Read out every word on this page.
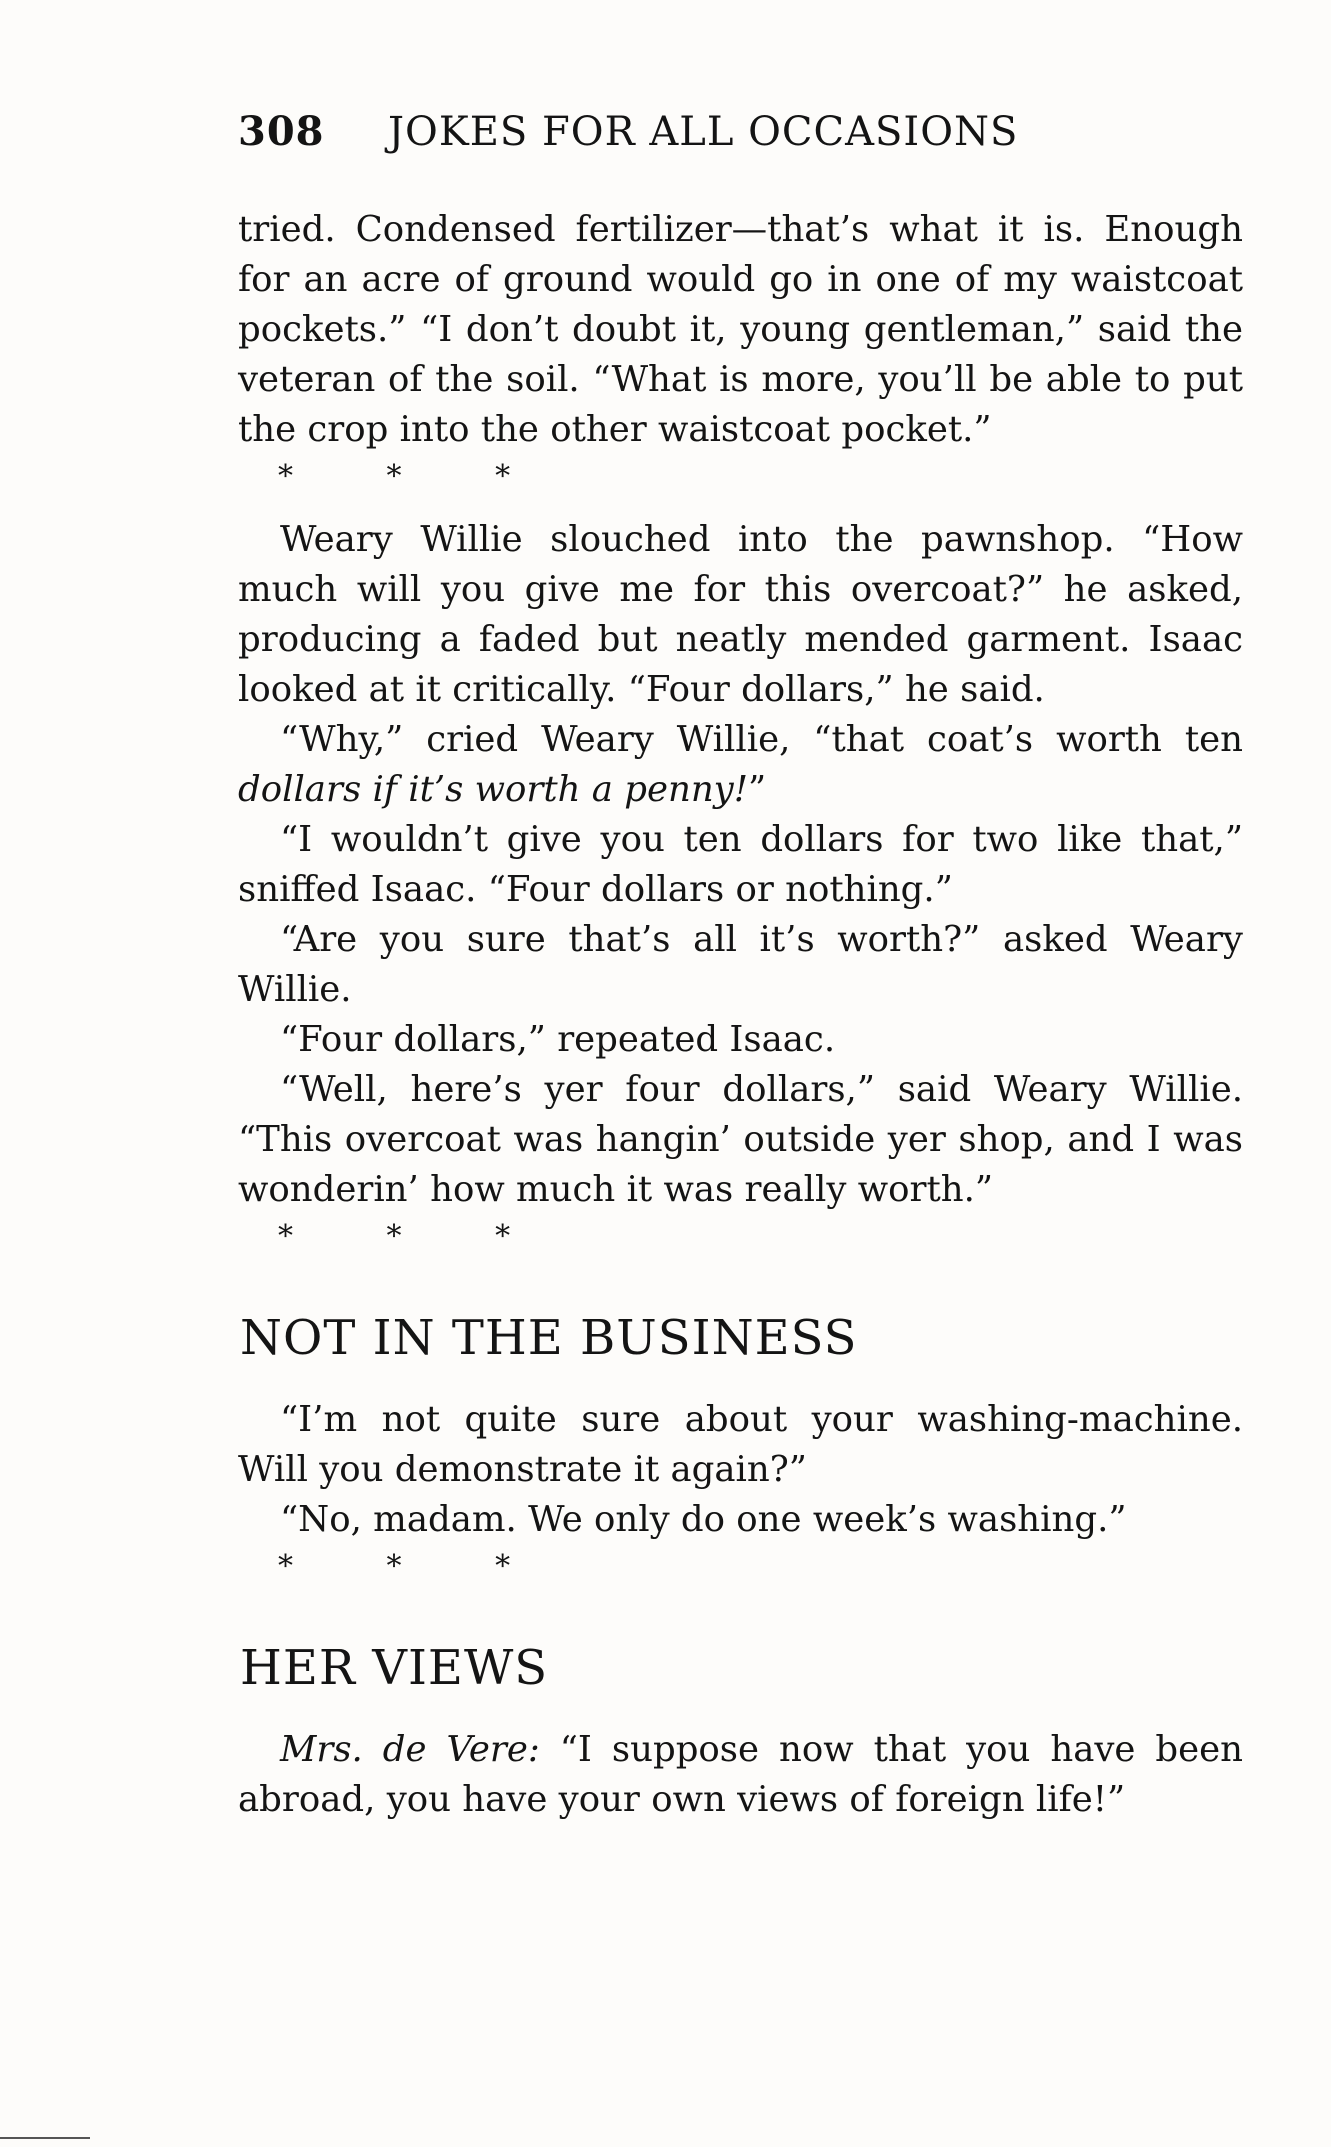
308 JOKES FOR ALL OCCASIONS

tried. Condensed fertilizer—that’s what it is. Enough for an acre of ground would go in one of my waistcoat pockets.” “I don’t doubt it, young gentleman,” said the veteran of the soil. “What is more, you’ll be able to put the crop into the other waistcoat pocket.”

* * *

Weary Willie slouched into the pawnshop. “How much will you give me for this overcoat?” he asked, producing a faded but neatly mended garment. Isaac looked at it critically. “Four dollars,” he said.

“Why,” cried Weary Willie, “that coat’s worth ten dollars if it’s worth a penny!”

“I wouldn’t give you ten dollars for two like that,” sniffed Isaac. “Four dollars or nothing.”

“Are you sure that’s all it’s worth?” asked Weary Willie.

“Four dollars,” repeated Isaac.

“Well, here’s yer four dollars,” said Weary Willie. “This overcoat was hangin’ outside yer shop, and I was wonderin’ how much it was really worth.”

* * *
NOT IN THE BUSINESS

“I’m not quite sure about your washing-machine. Will you demonstrate it again?”

“No, madam. We only do one week’s washing.”

* * *
HER VIEWS

Mrs. de Vere: “I suppose now that you have been abroad, you have your own views of foreign life!”
